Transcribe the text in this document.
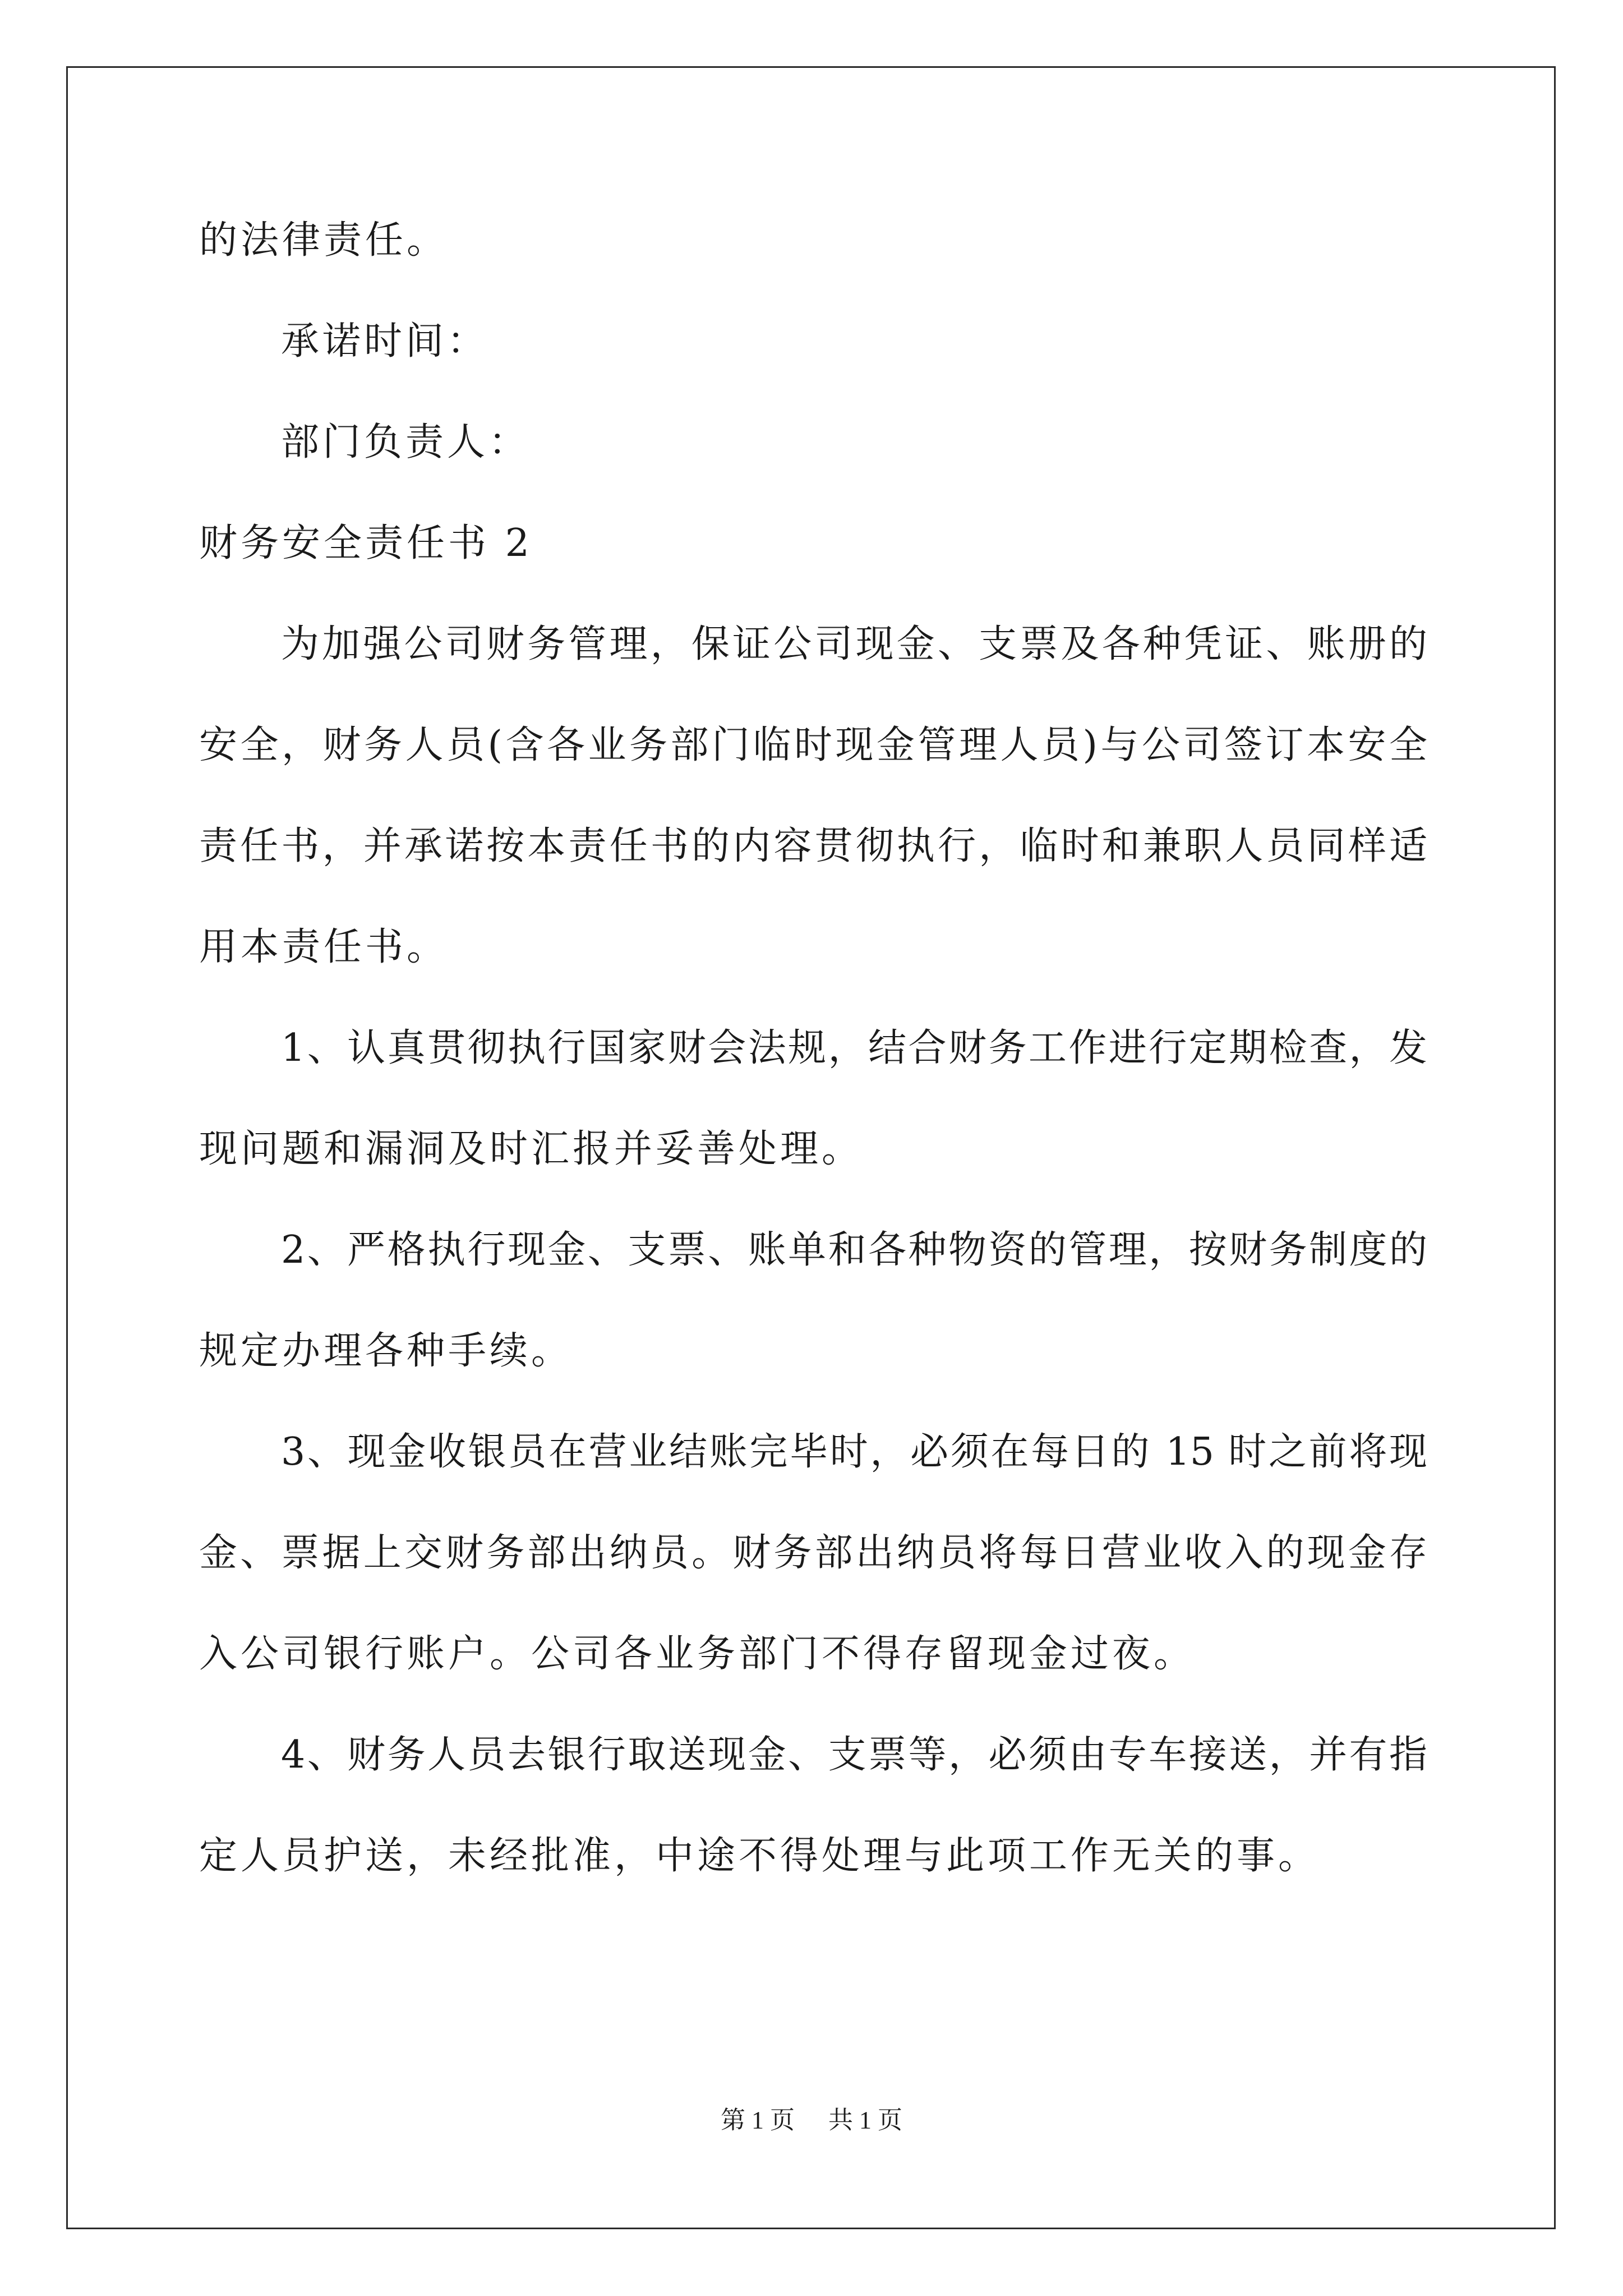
的法律责任。
承诺时间：
部门负责人：
财务安全责任书 2
为加强公司财务管理，保证公司现金、支票及各种凭证、账册的
安全，财务人员(含各业务部门临时现金管理人员)与公司签订本安全
责任书，并承诺按本责任书的内容贯彻执行，临时和兼职人员同样适
用本责任书。
1、认真贯彻执行国家财会法规，结合财务工作进行定期检查，发
现问题和漏洞及时汇报并妥善处理。
2、严格执行现金、支票、账单和各种物资的管理，按财务制度的
规定办理各种手续。
3、现金收银员在营业结账完毕时，必须在每日的 15 时之前将现
金、票据上交财务部出纳员。财务部出纳员将每日营业收入的现金存
入公司银行账户。公司各业务部门不得存留现金过夜。
4、财务人员去银行取送现金、支票等，必须由专车接送，并有指
定人员护送，未经批准，中途不得处理与此项工作无关的事。
第 1 页 共 1 页
